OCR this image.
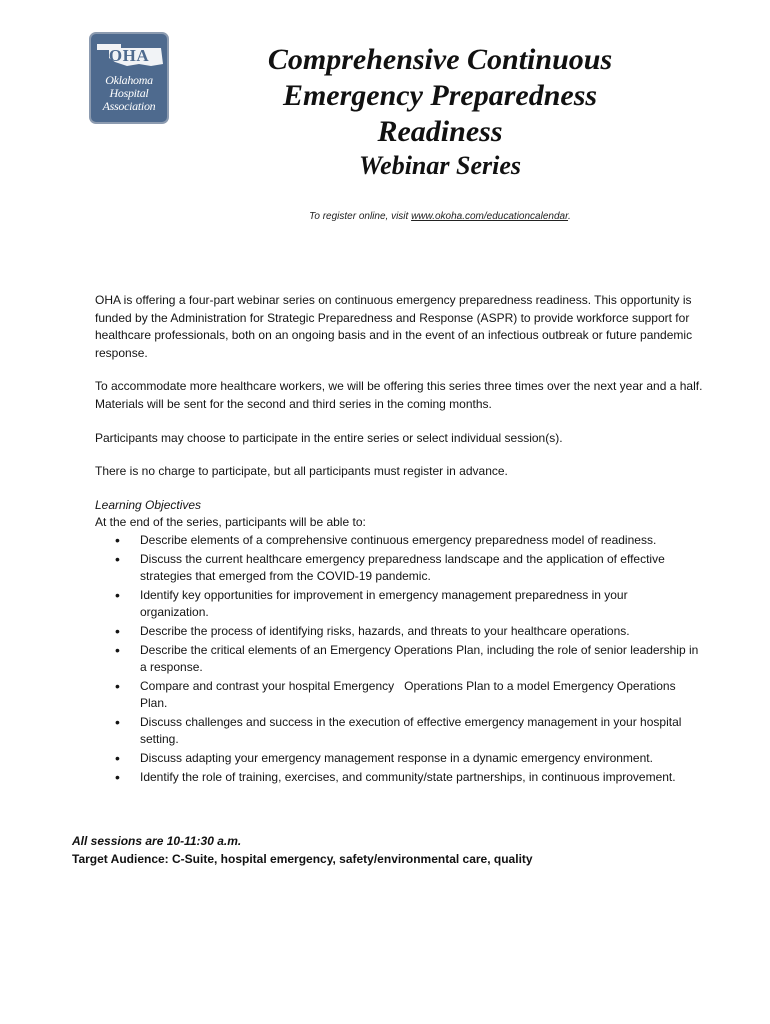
OHA
Oklahoma
Hospital
Association
Comprehensive Continuous
Emergency Preparedness
Readiness
Webinar Series
To register online, visit www.okoha.com/educationcalendar.

OHA is offering a four-part webinar series on continuous emergency preparedness readiness. This opportunity is funded by the Administration for Strategic Preparedness and Response (ASPR) to provide workforce support for healthcare professionals, both on an ongoing basis and in the event of an infectious outbreak or future pandemic response.

To accommodate more healthcare workers, we will be offering this series three times over the next year and a half. Materials will be sent for the second and third series in the coming months.

Participants may choose to participate in the entire series or select individual session(s).

There is no charge to participate, but all participants must register in advance.

Learning Objectives
At the end of the series, participants will be able to:
• Describe elements of a comprehensive continuous emergency preparedness model of readiness.
• Discuss the current healthcare emergency preparedness landscape and the application of effective strategies that emerged from the COVID-19 pandemic.
• Identify key opportunities for improvement in emergency management preparedness in your organization.
• Describe the process of identifying risks, hazards, and threats to your healthcare operations.
• Describe the critical elements of an Emergency Operations Plan, including the role of senior leadership in a response.
• Compare and contrast your hospital Emergency   Operations Plan to a model Emergency Operations Plan.
• Discuss challenges and success in the execution of effective emergency management in your hospital setting.
• Discuss adapting your emergency management response in a dynamic emergency environment.
• Identify the role of training, exercises, and community/state partnerships, in continuous improvement.
All sessions are 10-11:30 a.m.
Target Audience: C-Suite, hospital emergency, safety/environmental care, quality
